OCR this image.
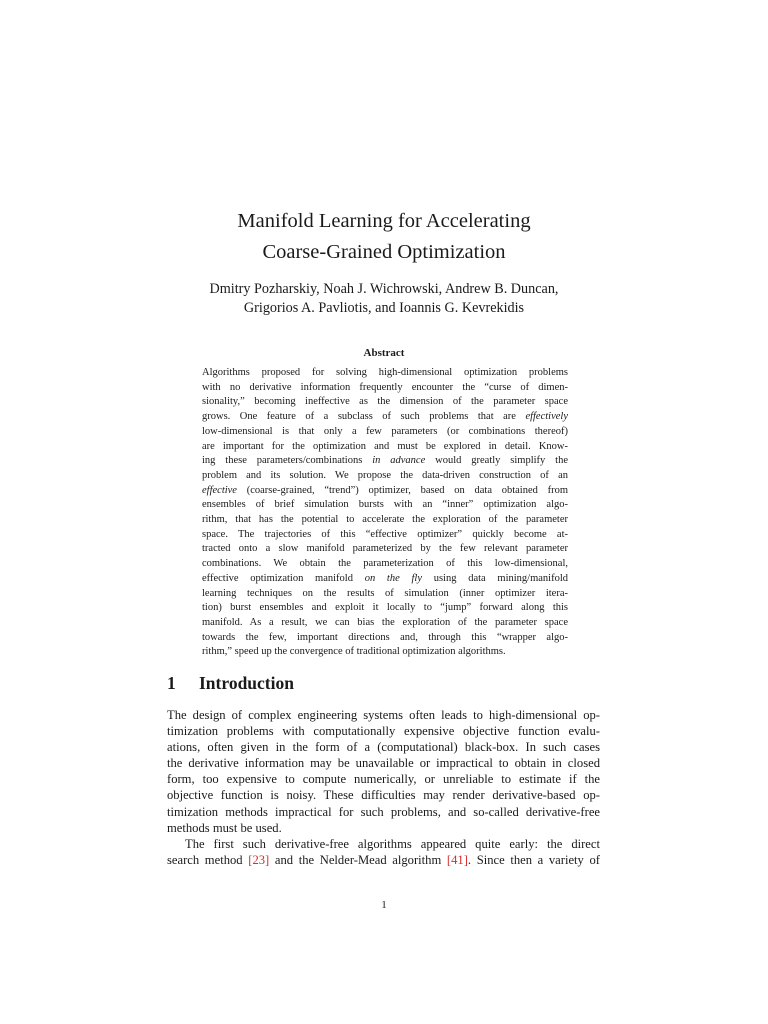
Manifold Learning for Accelerating
Coarse-Grained Optimization
Dmitry Pozharskiy, Noah J. Wichrowski, Andrew B. Duncan,
Grigorios A. Pavliotis, and Ioannis G. Kevrekidis
Abstract
Algorithms proposed for solving high-dimensional optimization problems
with no derivative information frequently encounter the “curse of dimen-
sionality,” becoming ineffective as the dimension of the parameter space
grows. One feature of a subclass of such problems that are effectively
low-dimensional is that only a few parameters (or combinations thereof)
are important for the optimization and must be explored in detail. Know-
ing these parameters/combinations in advance would greatly simplify the
problem and its solution. We propose the data-driven construction of an
effective (coarse-grained, “trend”) optimizer, based on data obtained from
ensembles of brief simulation bursts with an “inner” optimization algo-
rithm, that has the potential to accelerate the exploration of the parameter
space. The trajectories of this “effective optimizer” quickly become at-
tracted onto a slow manifold parameterized by the few relevant parameter
combinations. We obtain the parameterization of this low-dimensional,
effective optimization manifold on the fly using data mining/manifold
learning techniques on the results of simulation (inner optimizer itera-
tion) burst ensembles and exploit it locally to “jump” forward along this
manifold. As a result, we can bias the exploration of the parameter space
towards the few, important directions and, through this “wrapper algo-
rithm,” speed up the convergence of traditional optimization algorithms.
1 Introduction
The design of complex engineering systems often leads to high-dimensional op-
timization problems with computationally expensive objective function evalu-
ations, often given in the form of a (computational) black-box. In such cases
the derivative information may be unavailable or impractical to obtain in closed
form, too expensive to compute numerically, or unreliable to estimate if the
objective function is noisy. These difficulties may render derivative-based op-
timization methods impractical for such problems, and so-called derivative-free
methods must be used.
The first such derivative-free algorithms appeared quite early: the direct
search method [23] and the Nelder-Mead algorithm [41]. Since then a variety of
1
